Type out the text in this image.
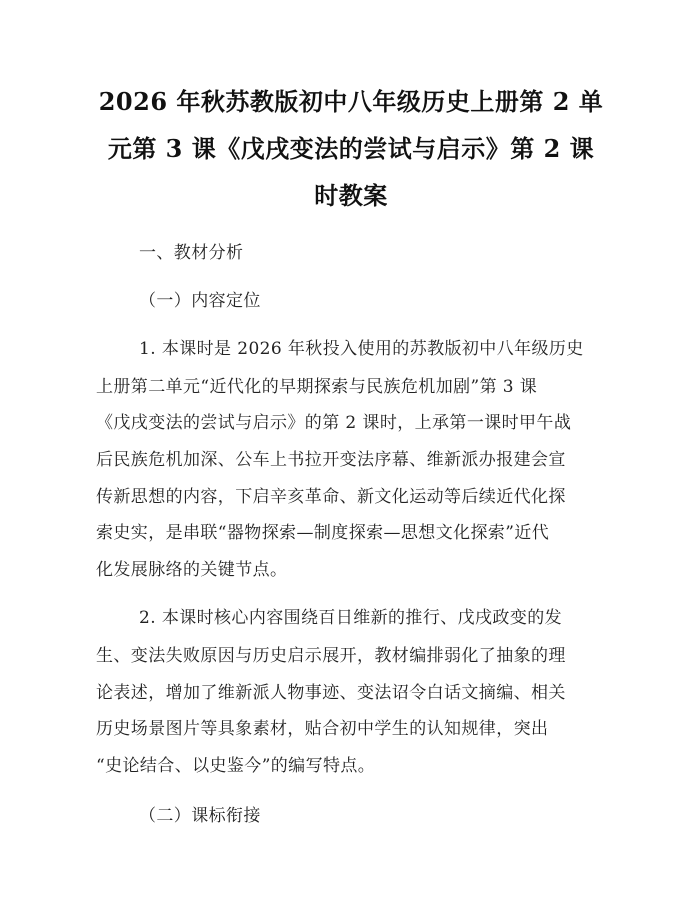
2026 年秋苏教版初中八年级历史上册第 2 单
元第 3 课《戊戌变法的尝试与启示》第 2 课
时教案
一、教材分析
（一）内容定位
1. 本课时是 2026 年秋投入使用的苏教版初中八年级历史
上册第二单元“近代化的早期探索与民族危机加剧”第 3 课
《戊戌变法的尝试与启示》的第 2 课时，上承第一课时甲午战
后民族危机加深、公车上书拉开变法序幕、维新派办报建会宣
传新思想的内容，下启辛亥革命、新文化运动等后续近代化探
索史实，是串联“器物探索—制度探索—思想文化探索”近代
化发展脉络的关键节点。
2. 本课时核心内容围绕百日维新的推行、戊戌政变的发
生、变法失败原因与历史启示展开，教材编排弱化了抽象的理
论表述，增加了维新派人物事迹、变法诏令白话文摘编、相关
历史场景图片等具象素材，贴合初中学生的认知规律，突出
“史论结合、以史鉴今”的编写特点。
（二）课标衔接
